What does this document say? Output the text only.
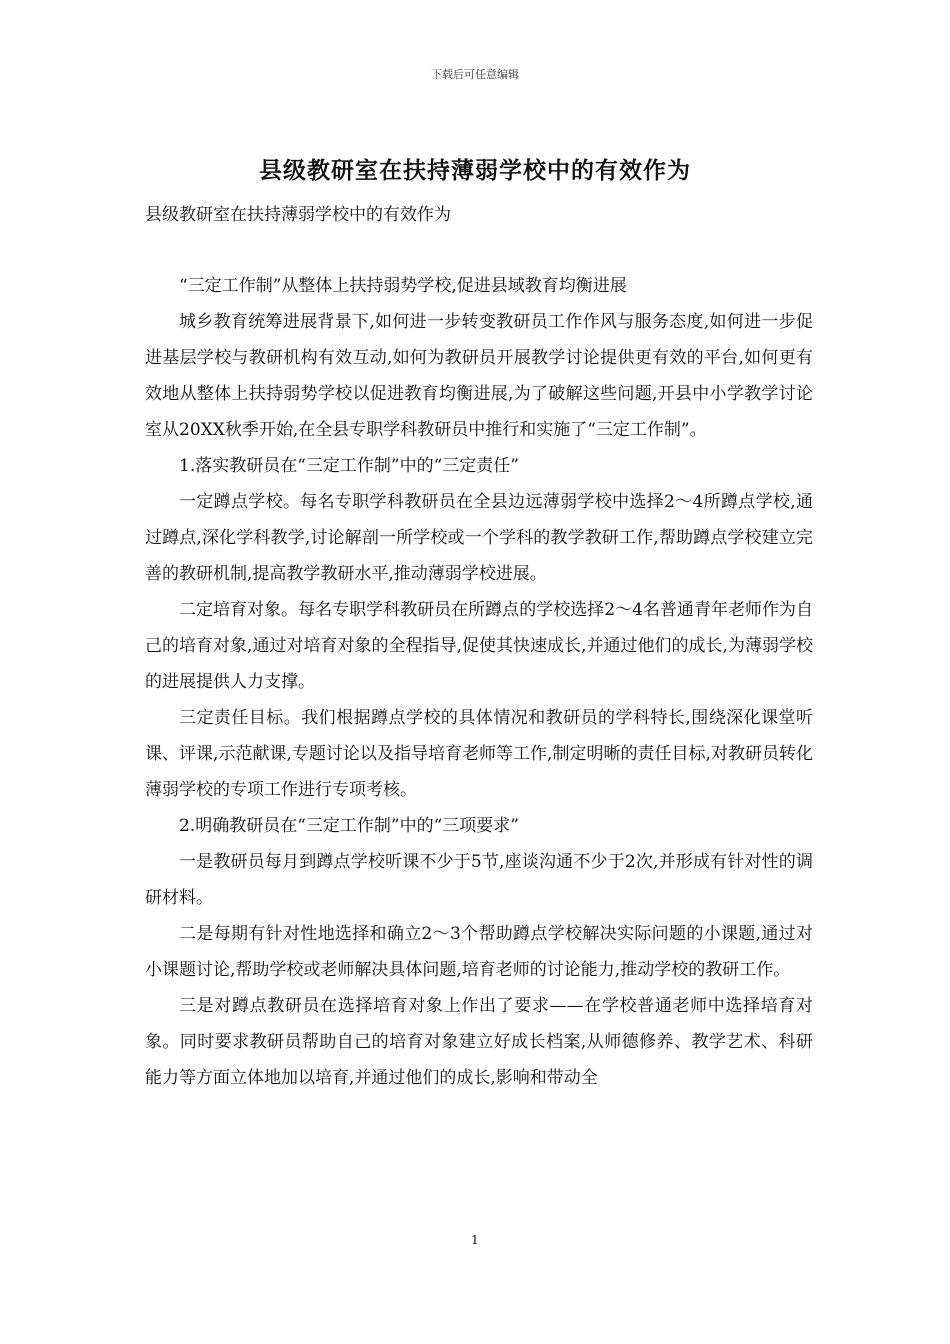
下载后可任意编辑
县级教研室在扶持薄弱学校中的有效作为
县级教研室在扶持薄弱学校中的有效作为

“三定工作制”从整体上扶持弱势学校,促进县域教育均衡进展

城乡教育统筹进展背景下,如何进一步转变教研员工作作风与服务态度,如何进一步促进基层学校与教研机构有效互动,如何为教研员开展教学讨论提供更有效的平台,如何更有效地从整体上扶持弱势学校以促进教育均衡进展,为了破解这些问题,开县中小学教学讨论室从20XX秋季开始,在全县专职学科教研员中推行和实施了“三定工作制”。

1.落实教研员在“三定工作制”中的“三定责任”

一定蹲点学校。每名专职学科教研员在全县边远薄弱学校中选择2～4所蹲点学校,通过蹲点,深化学科教学,讨论解剖一所学校或一个学科的教学教研工作,帮助蹲点学校建立完善的教研机制,提高教学教研水平,推动薄弱学校进展。

二定培育对象。每名专职学科教研员在所蹲点的学校选择2～4名普通青年老师作为自己的培育对象,通过对培育对象的全程指导,促使其快速成长,并通过他们的成长,为薄弱学校的进展提供人力支撑。

三定责任目标。我们根据蹲点学校的具体情况和教研员的学科特长,围绕深化课堂听课、评课,示范献课,专题讨论以及指导培育老师等工作,制定明晰的责任目标,对教研员转化薄弱学校的专项工作进行专项考核。

2.明确教研员在“三定工作制”中的“三项要求”

一是教研员每月到蹲点学校听课不少于5节,座谈沟通不少于2次,并形成有针对性的调研材料。

二是每期有针对性地选择和确立2～3个帮助蹲点学校解决实际问题的小课题,通过对小课题讨论,帮助学校或老师解决具体问题,培育老师的讨论能力,推动学校的教研工作。

三是对蹲点教研员在选择培育对象上作出了要求——在学校普通老师中选择培育对象。同时要求教研员帮助自己的培育对象建立好成长档案,从师德修养、教学艺术、科研能力等方面立体地加以培育,并通过他们的成长,影响和带动全

1
